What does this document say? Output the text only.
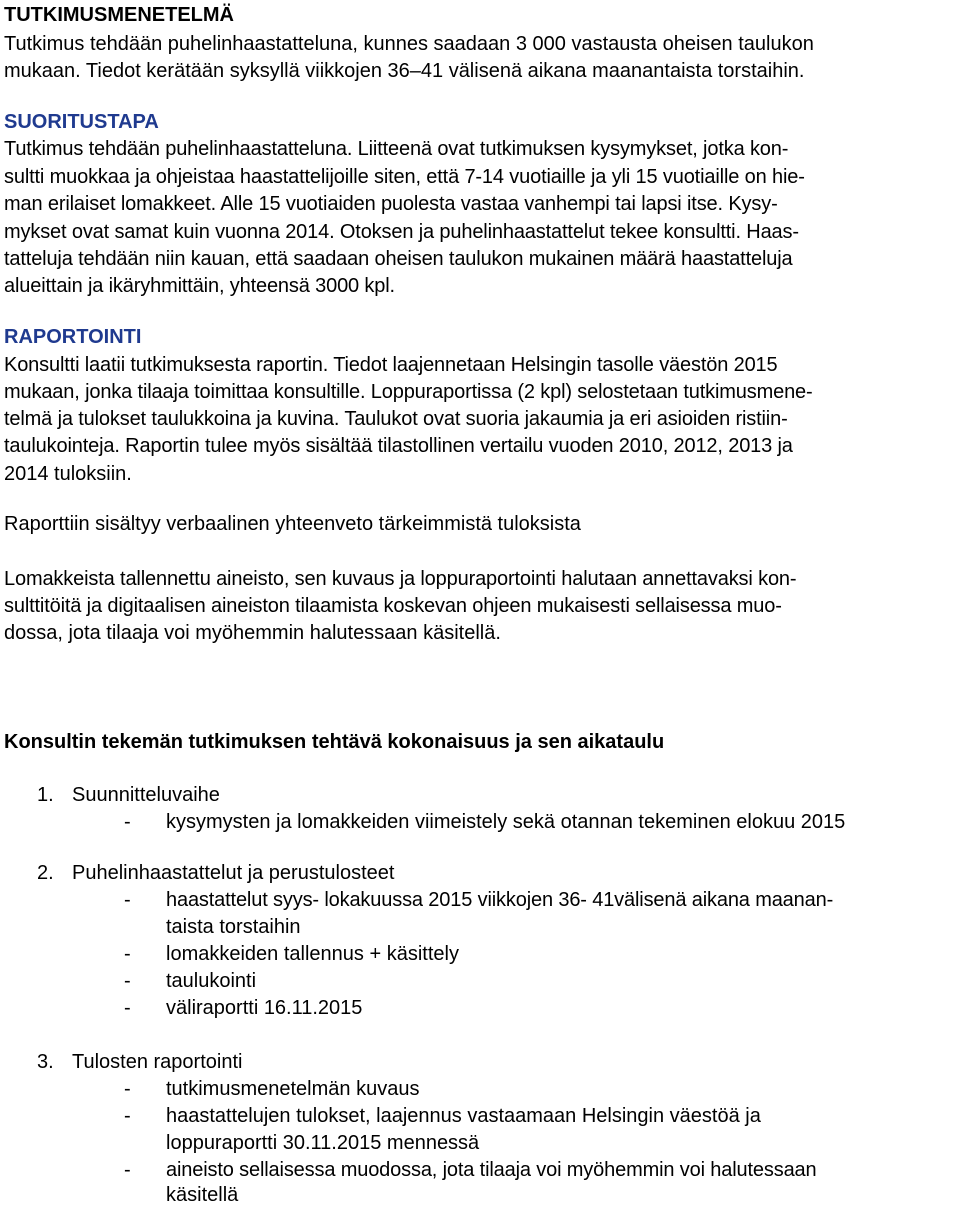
TUTKIMUSMENETELMÄ
Tutkimus tehdään puhelinhaastatteluna, kunnes saadaan 3 000 vastausta oheisen taulukon
mukaan. Tiedot kerätään syksyllä viikkojen 36–41 välisenä aikana maanantaista torstaihin.
SUORITUSTAPA
Tutkimus tehdään puhelinhaastatteluna. Liitteenä ovat tutkimuksen kysymykset, jotka kon-
sultti muokkaa ja ohjeistaa haastattelijoille siten, että 7-14 vuotiaille ja yli 15 vuotiaille on hie-
man erilaiset lomakkeet. Alle 15 vuotiaiden puolesta vastaa vanhempi tai lapsi itse. Kysy-
mykset ovat samat kuin vuonna 2014. Otoksen ja puhelinhaastattelut tekee konsultti. Haas-
tatteluja tehdään niin kauan, että saadaan oheisen taulukon mukainen määrä haastatteluja
alueittain ja ikäryhmittäin, yhteensä 3000 kpl.
RAPORTOINTI
Konsultti laatii tutkimuksesta raportin. Tiedot laajennetaan Helsingin tasolle väestön 2015
mukaan, jonka tilaaja toimittaa konsultille. Loppuraportissa (2 kpl) selostetaan tutkimusmene-
telmä ja tulokset taulukkoina ja kuvina. Taulukot ovat suoria jakaumia ja eri asioiden ristiin-
taulukointeja. Raportin tulee myös sisältää tilastollinen vertailu vuoden 2010, 2012, 2013 ja
2014 tuloksiin.
Raporttiin sisältyy verbaalinen yhteenveto tärkeimmistä tuloksista
Lomakkeista tallennettu aineisto, sen kuvaus ja loppuraportointi halutaan annettavaksi kon-
sulttitöitä ja digitaalisen aineiston tilaamista koskevan ohjeen mukaisesti sellaisessa muo-
dossa, jota tilaaja voi myöhemmin halutessaan käsitellä.
Konsultin tekemän tutkimuksen tehtävä kokonaisuus ja sen aikataulu
1. Suunnitteluvaihe
- kysymysten ja lomakkeiden viimeistely sekä otannan tekeminen elokuu 2015
2. Puhelinhaastattelut ja perustulosteet
- haastattelut syys- lokakuussa 2015 viikkojen 36- 41välisenä aikana maanan-
taista torstaihin
- lomakkeiden tallennus + käsittely
- taulukointi
- väliraportti 16.11.2015
3. Tulosten raportointi
- tutkimusmenetelmän kuvaus
- haastattelujen tulokset, laajennus vastaamaan Helsingin väestöä ja
loppuraportti 30.11.2015 mennessä
- aineisto sellaisessa muodossa, jota tilaaja voi myöhemmin voi halutessaan
käsitellä
